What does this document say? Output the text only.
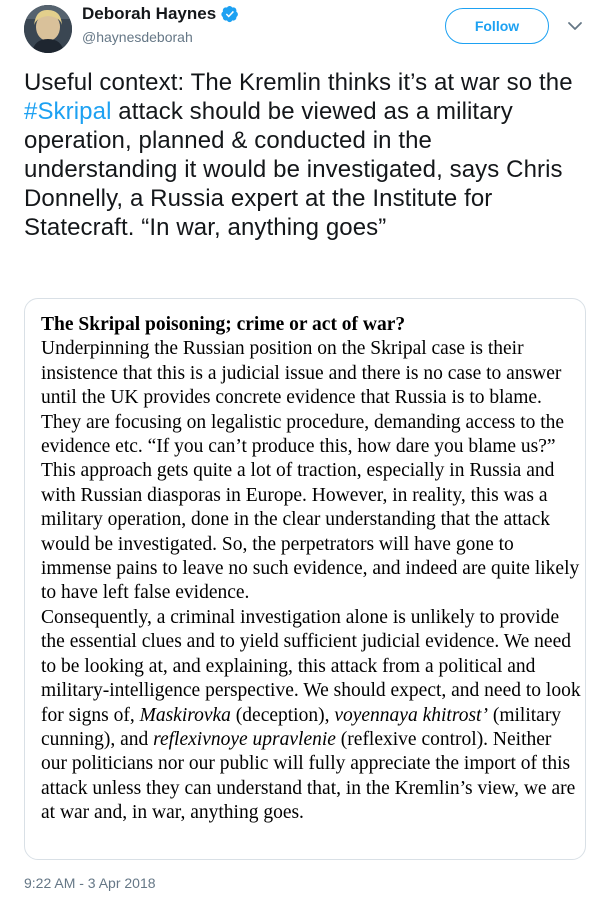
Deborah Haynes
@haynesdeborah
Follow
Useful context: The Kremlin thinks it’s at war so the #Skripal attack should be viewed as a military operation, planned & conducted in the understanding it would be investigated, says Chris Donnelly, a Russia expert at the Institute for Statecraft. “In war, anything goes”
The Skripal poisoning; crime or act of war?

Underpinning the Russian position on the Skripal case is their insistence that this is a judicial issue and there is no case to answer until the UK provides concrete evidence that Russia is to blame. They are focusing on legalistic procedure, demanding access to the evidence etc. “If you can’t produce this, how dare you blame us?” This approach gets quite a lot of traction, especially in Russia and with Russian diasporas in Europe. However, in reality, this was a military operation, done in the clear understanding that the attack would be investigated. So, the perpetrators will have gone to immense pains to leave no such evidence, and indeed are quite likely to have left false evidence.

Consequently, a criminal investigation alone is unlikely to provide the essential clues and to yield sufficient judicial evidence. We need to be looking at, and explaining, this attack from a political and military-intelligence perspective. We should expect, and need to look for signs of, Maskirovka (deception), voyennaya khitrost’ (military cunning), and reflexivnoye upravlenie (reflexive control). Neither our politicians nor our public will fully appreciate the import of this attack unless they can understand that, in the Kremlin’s view, we are at war and, in war, anything goes.

9:22 AM - 3 Apr 2018
